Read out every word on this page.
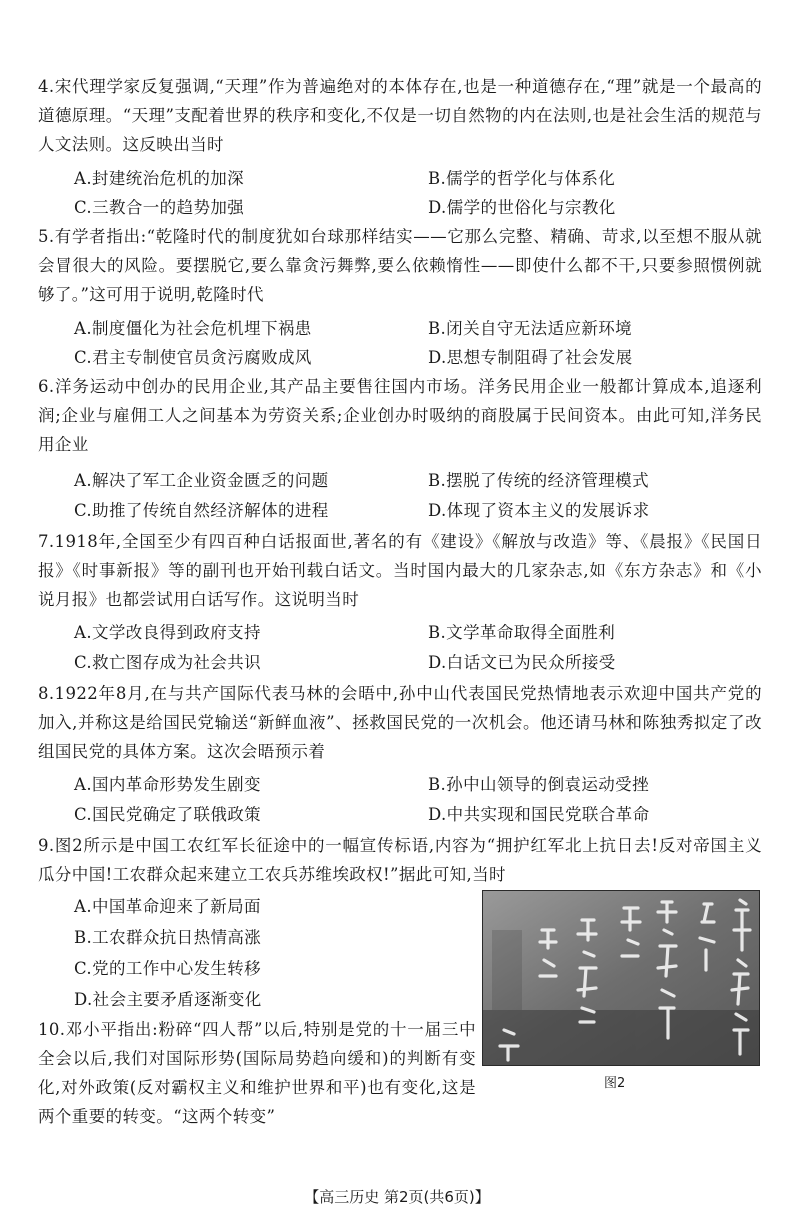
4.宋代理学家反复强调,“天理”作为普遍绝对的本体存在,也是一种道德存在,“理”就是一个最高的道德原理。“天理”支配着世界的秩序和变化,不仅是一切自然物的内在法则,也是社会生活的规范与人文法则。这反映出当时
A.封建统治危机的加深	B.儒学的哲学化与体系化
C.三教合一的趋势加强	D.儒学的世俗化与宗教化
5.有学者指出:“乾隆时代的制度犹如台球那样结实——它那么完整、精确、苛求,以至想不服从就会冒很大的风险。要摆脱它,要么靠贪污舞弊,要么依赖惰性——即使什么都不干,只要参照惯例就够了。”这可用于说明,乾隆时代
A.制度僵化为社会危机埋下祸患	B.闭关自守无法适应新环境
C.君主专制使官员贪污腐败成风	D.思想专制阻碍了社会发展
6.洋务运动中创办的民用企业,其产品主要售往国内市场。洋务民用企业一般都计算成本,追逐利润;企业与雇佣工人之间基本为劳资关系;企业创办时吸纳的商股属于民间资本。由此可知,洋务民用企业
A.解决了军工企业资金匮乏的问题	B.摆脱了传统的经济管理模式
C.助推了传统自然经济解体的进程	D.体现了资本主义的发展诉求
7.1918年,全国至少有四百种白话报面世,著名的有《建设》《解放与改造》等、《晨报》《民国日报》《时事新报》等的副刊也开始刊载白话文。当时国内最大的几家杂志,如《东方杂志》和《小说月报》也都尝试用白话写作。这说明当时
A.文学改良得到政府支持	B.文学革命取得全面胜利
C.救亡图存成为社会共识	D.白话文已为民众所接受
8.1922年8月,在与共产国际代表马林的会晤中,孙中山代表国民党热情地表示欢迎中国共产党的加入,并称这是给国民党输送“新鲜血液”、拯救国民党的一次机会。他还请马林和陈独秀拟定了改组国民党的具体方案。这次会晤预示着
A.国内革命形势发生剧变	B.孙中山领导的倒袁运动受挫
C.国民党确定了联俄政策	D.中共实现和国民党联合革命
9.图2所示是中国工农红军长征途中的一幅宣传标语,内容为“拥护红军北上抗日去!反对帝国主义瓜分中国!工农群众起来建立工农兵苏维埃政权!”据此可知,当时
A.中国革命迎来了新局面
B.工农群众抗日热情高涨
C.党的工作中心发生转移
D.社会主要矛盾逐渐变化
10.邓小平指出:粉碎“四人帮”以后,特别是党的十一届三中全会以后,我们对国际形势(国际局势趋向缓和)的判断有变化,对外政策(反对霸权主义和维护世界和平)也有变化,这是两个重要的转变。“这两个转变”
图2
【高三历史 第2页(共6页)】
